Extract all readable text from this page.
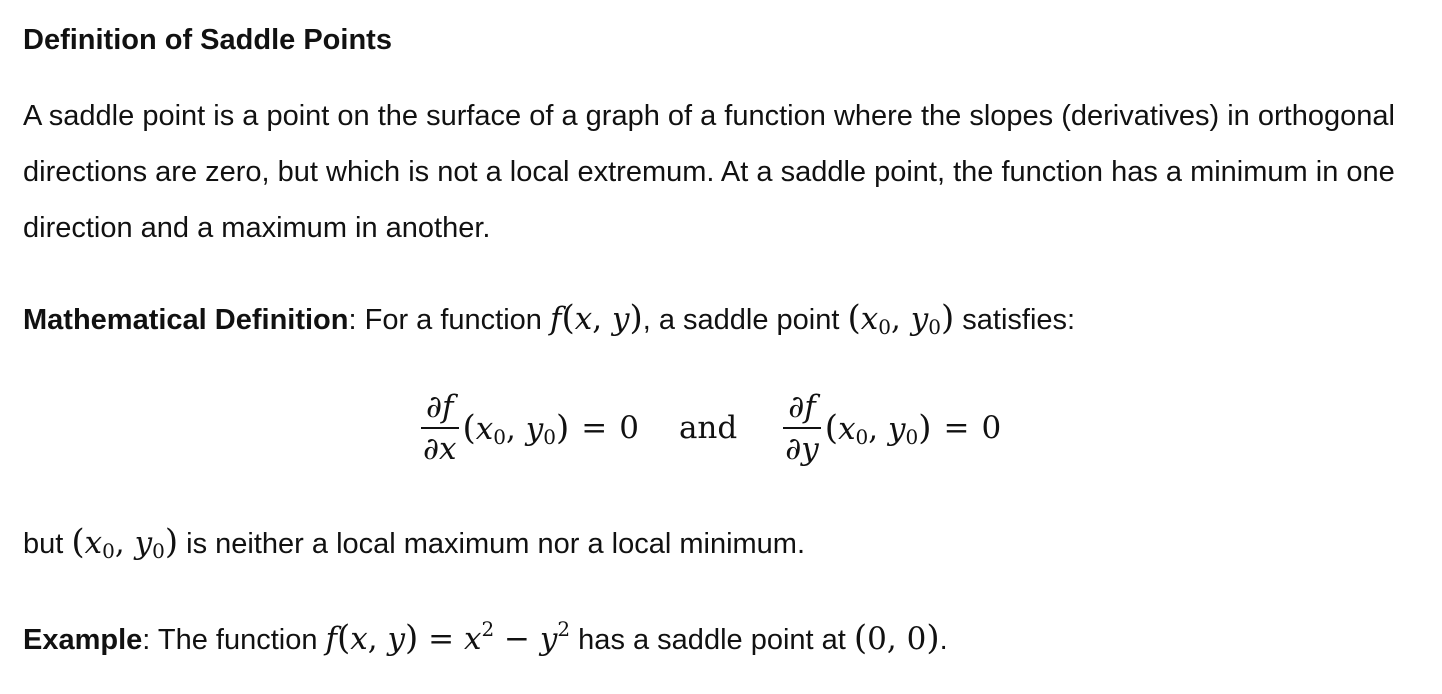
Definition of Saddle Points
A saddle point is a point on the surface of a graph of a function where the slopes (derivatives) in orthogonal directions are zero, but which is not a local extremum. At a saddle point, the function has a minimum in one direction and a maximum in another.
Mathematical Definition: For a function f(x, y), a saddle point ($x_0$, $y_0$) satisfies:
$\frac{\partial f}{\partial x} (x_0$, $y_0) = 0$ and $\frac{\partial f}{\partial y} (x_0$, $y_0) = 0$
but ($x_0$, $y_0$) is neither a local maximum nor a local minimum.
Example: The function f(x, $y) = x^2 - y^2$ has a saddle point at (0, 0).
